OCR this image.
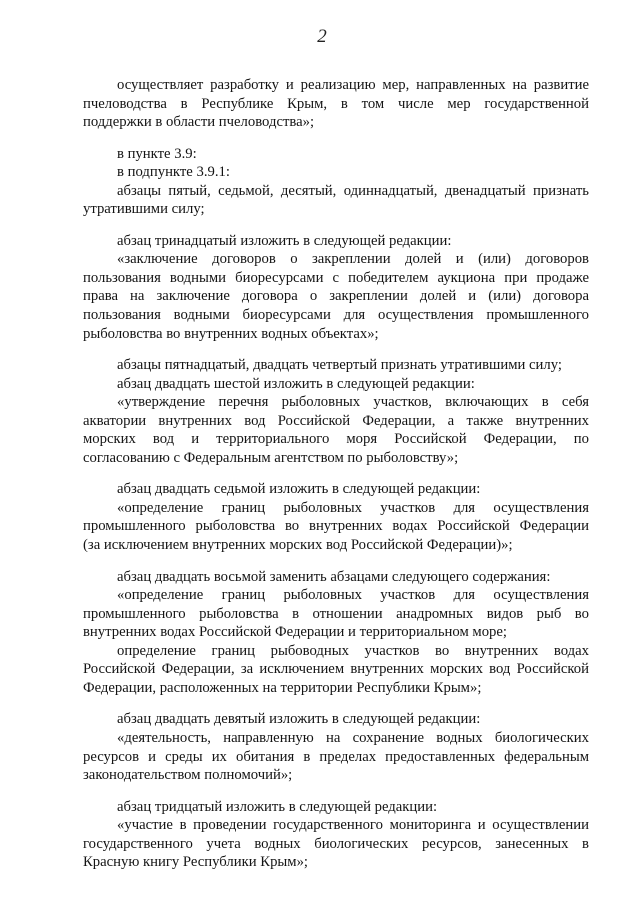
2
осуществляет разработку и реализацию мер, направленных на развитие
пчеловодства в Республике Крым, в том числе мер государственной
поддержки в области пчеловодства»;
в пункте 3.9:
в подпункте 3.9.1:
абзацы пятый, седьмой, десятый, одиннадцатый, двенадцатый признать
утратившими силу;
абзац тринадцатый изложить в следующей редакции:
«заключение договоров о закреплении долей и (или) договоров
пользования водными биоресурсами с победителем аукциона при продаже
права на заключение договора о закреплении долей и (или) договора
пользования водными биоресурсами для осуществления промышленного
рыболовства во внутренних водных объектах»;
абзацы пятнадцатый, двадцать четвертый признать утратившими силу;
абзац двадцать шестой изложить в следующей редакции:
«утверждение перечня рыболовных участков, включающих в себя
акватории внутренних вод Российской Федерации, а также внутренних
морских вод и территориального моря Российской Федерации, по
согласованию с Федеральным агентством по рыболовству»;
абзац двадцать седьмой изложить в следующей редакции:
«определение границ рыболовных участков для осуществления
промышленного рыболовства во внутренних водах Российской Федерации
(за исключением внутренних морских вод Российской Федерации)»;
абзац двадцать восьмой заменить абзацами следующего содержания:
«определение границ рыболовных участков для осуществления
промышленного рыболовства в отношении анадромных видов рыб во
внутренних водах Российской Федерации и территориальном море;
определение границ рыбоводных участков во внутренних водах
Российской Федерации, за исключением внутренних морских вод Российской
Федерации, расположенных на территории Республики Крым»;
абзац двадцать девятый изложить в следующей редакции:
«деятельность, направленную на сохранение водных биологических
ресурсов и среды их обитания в пределах предоставленных федеральным
законодательством полномочий»;
абзац тридцатый изложить в следующей редакции:
«участие в проведении государственного мониторинга и осуществлении
государственного учета водных биологических ресурсов, занесенных в
Красную книгу Республики Крым»;
